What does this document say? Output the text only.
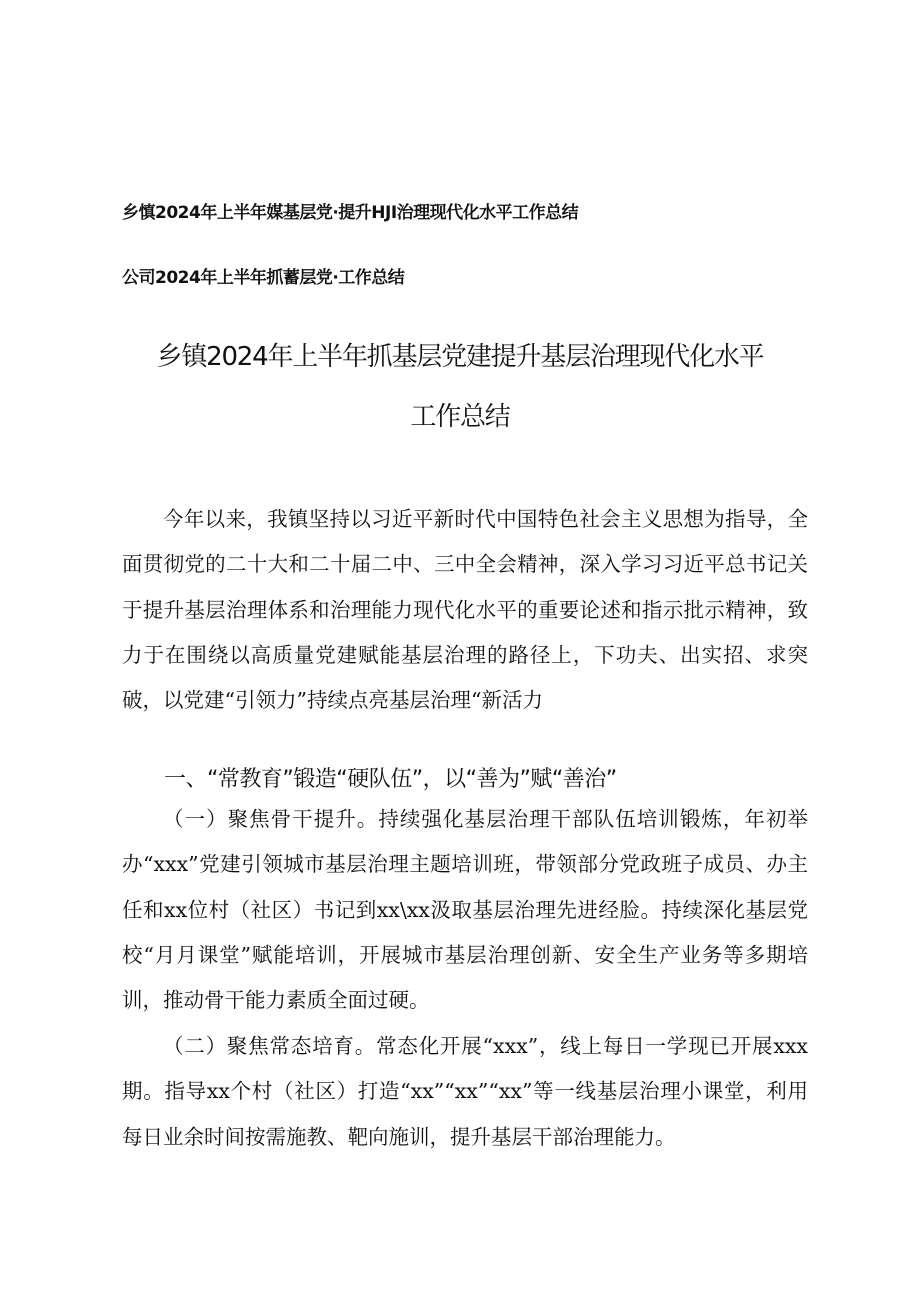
乡慎2024年上半年媒基层党·提升HJI治理现代化水平工作总结
公司2024年上半年抓蓄层党·工作总结
乡镇2024年上半年抓基层党建提升基层治理现代化水平
工作总结

今年以来，我镇坚持以习近平新时代中国特色社会主义思想为指导，全面贯彻党的二十大和二十届二中、三中全会精神，深入学习习近平总书记关于提升基层治理体系和治理能力现代化水平的重要论述和指示批示精神，致力于在围绕以高质量党建赋能基层治理的路径上，下功夫、出实招、求突破，以党建“引领力”持续点亮基层治理“新活力

一、“常教育”锻造“硬队伍”，以“善为”赋“善治”

（一）聚焦骨干提升。持续强化基层治理干部队伍培训锻炼，年初举办“xxx”党建引领城市基层治理主题培训班，带领部分党政班子成员、办主任和xx位村（社区）书记到xx\xx汲取基层治理先进经脸。持续深化基层党校“月月课堂”赋能培训，开展城市基层治理创新、安全生产业务等多期培训，推动骨干能力素质全面过硬。

（二）聚焦常态培育。常态化开展“xxx”，线上每日一学现已开展xxx期。指导xx个村（社区）打造“xx”“xx”“xx”等一线基层治理小课堂，利用每日业余时间按需施教、靶向施训，提升基层干部治理能力。
